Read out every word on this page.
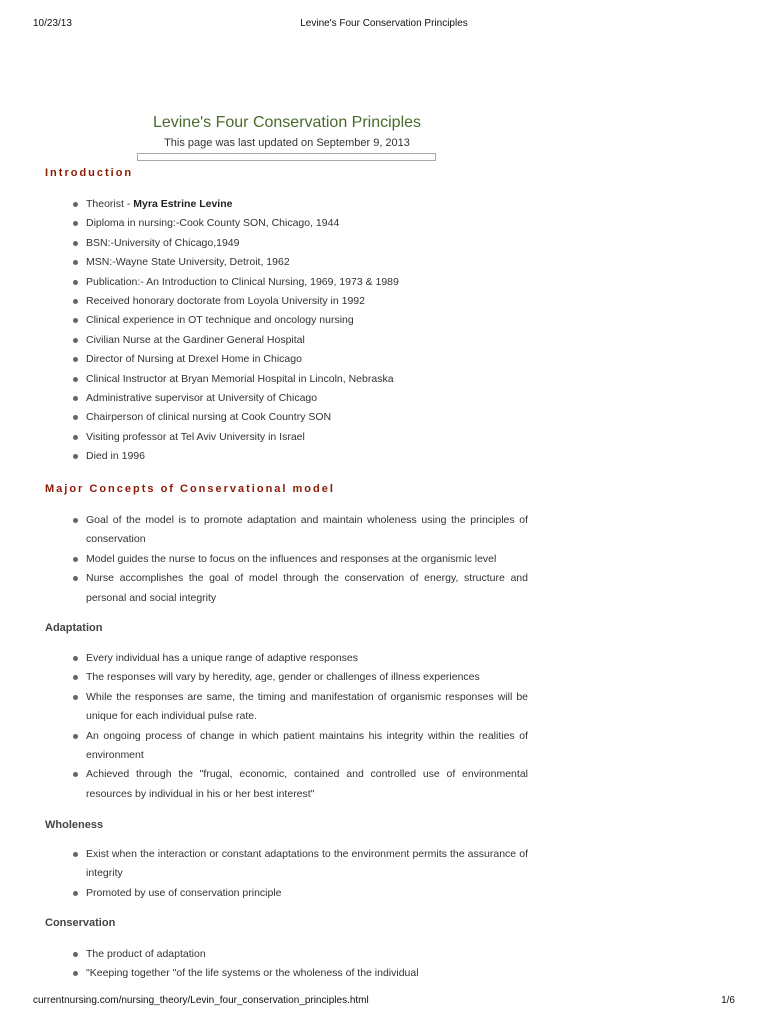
10/23/13	Levine's Four Conservation Principles
Levine's Four Conservation Principles
This page was last updated on September 9, 2013
Introduction
Theorist - Myra Estrine Levine
Diploma in nursing:-Cook County SON, Chicago, 1944
BSN:-University of Chicago,1949
MSN:-Wayne State University, Detroit, 1962
Publication:- An Introduction to Clinical Nursing, 1969, 1973 & 1989
Received honorary doctorate from Loyola University in 1992
Clinical experience in OT technique and oncology nursing
Civilian Nurse at the Gardiner General Hospital
Director of Nursing at Drexel Home in Chicago
Clinical Instructor at Bryan Memorial Hospital in Lincoln, Nebraska
Administrative supervisor at University of Chicago
Chairperson of clinical nursing at Cook Country SON
Visiting professor at Tel Aviv University in Israel
Died in 1996
Major Concepts of Conservational model
Goal of the model is to promote adaptation and maintain wholeness using the principles of conservation
Model guides the nurse to focus on the influences and responses at the organismic level
Nurse accomplishes the goal of model through the conservation of energy, structure and personal and social integrity
Adaptation
Every individual has a unique range of adaptive responses
The responses will vary by heredity, age, gender or challenges of illness experiences
While the responses are same, the timing and manifestation of organismic responses will be unique for each individual pulse rate.
An ongoing process of change in which patient maintains his integrity within the realities of environment
Achieved through the "frugal, economic, contained and controlled use of environmental resources by individual in his or her best interest"
Wholeness
Exist when the interaction or constant adaptations to the environment permits the assurance of integrity
Promoted by use of conservation principle
Conservation
The product of adaptation
"Keeping together "of the life systems or the wholeness of the individual
currentnursing.com/nursing_theory/Levin_four_conservation_principles.html	1/6
